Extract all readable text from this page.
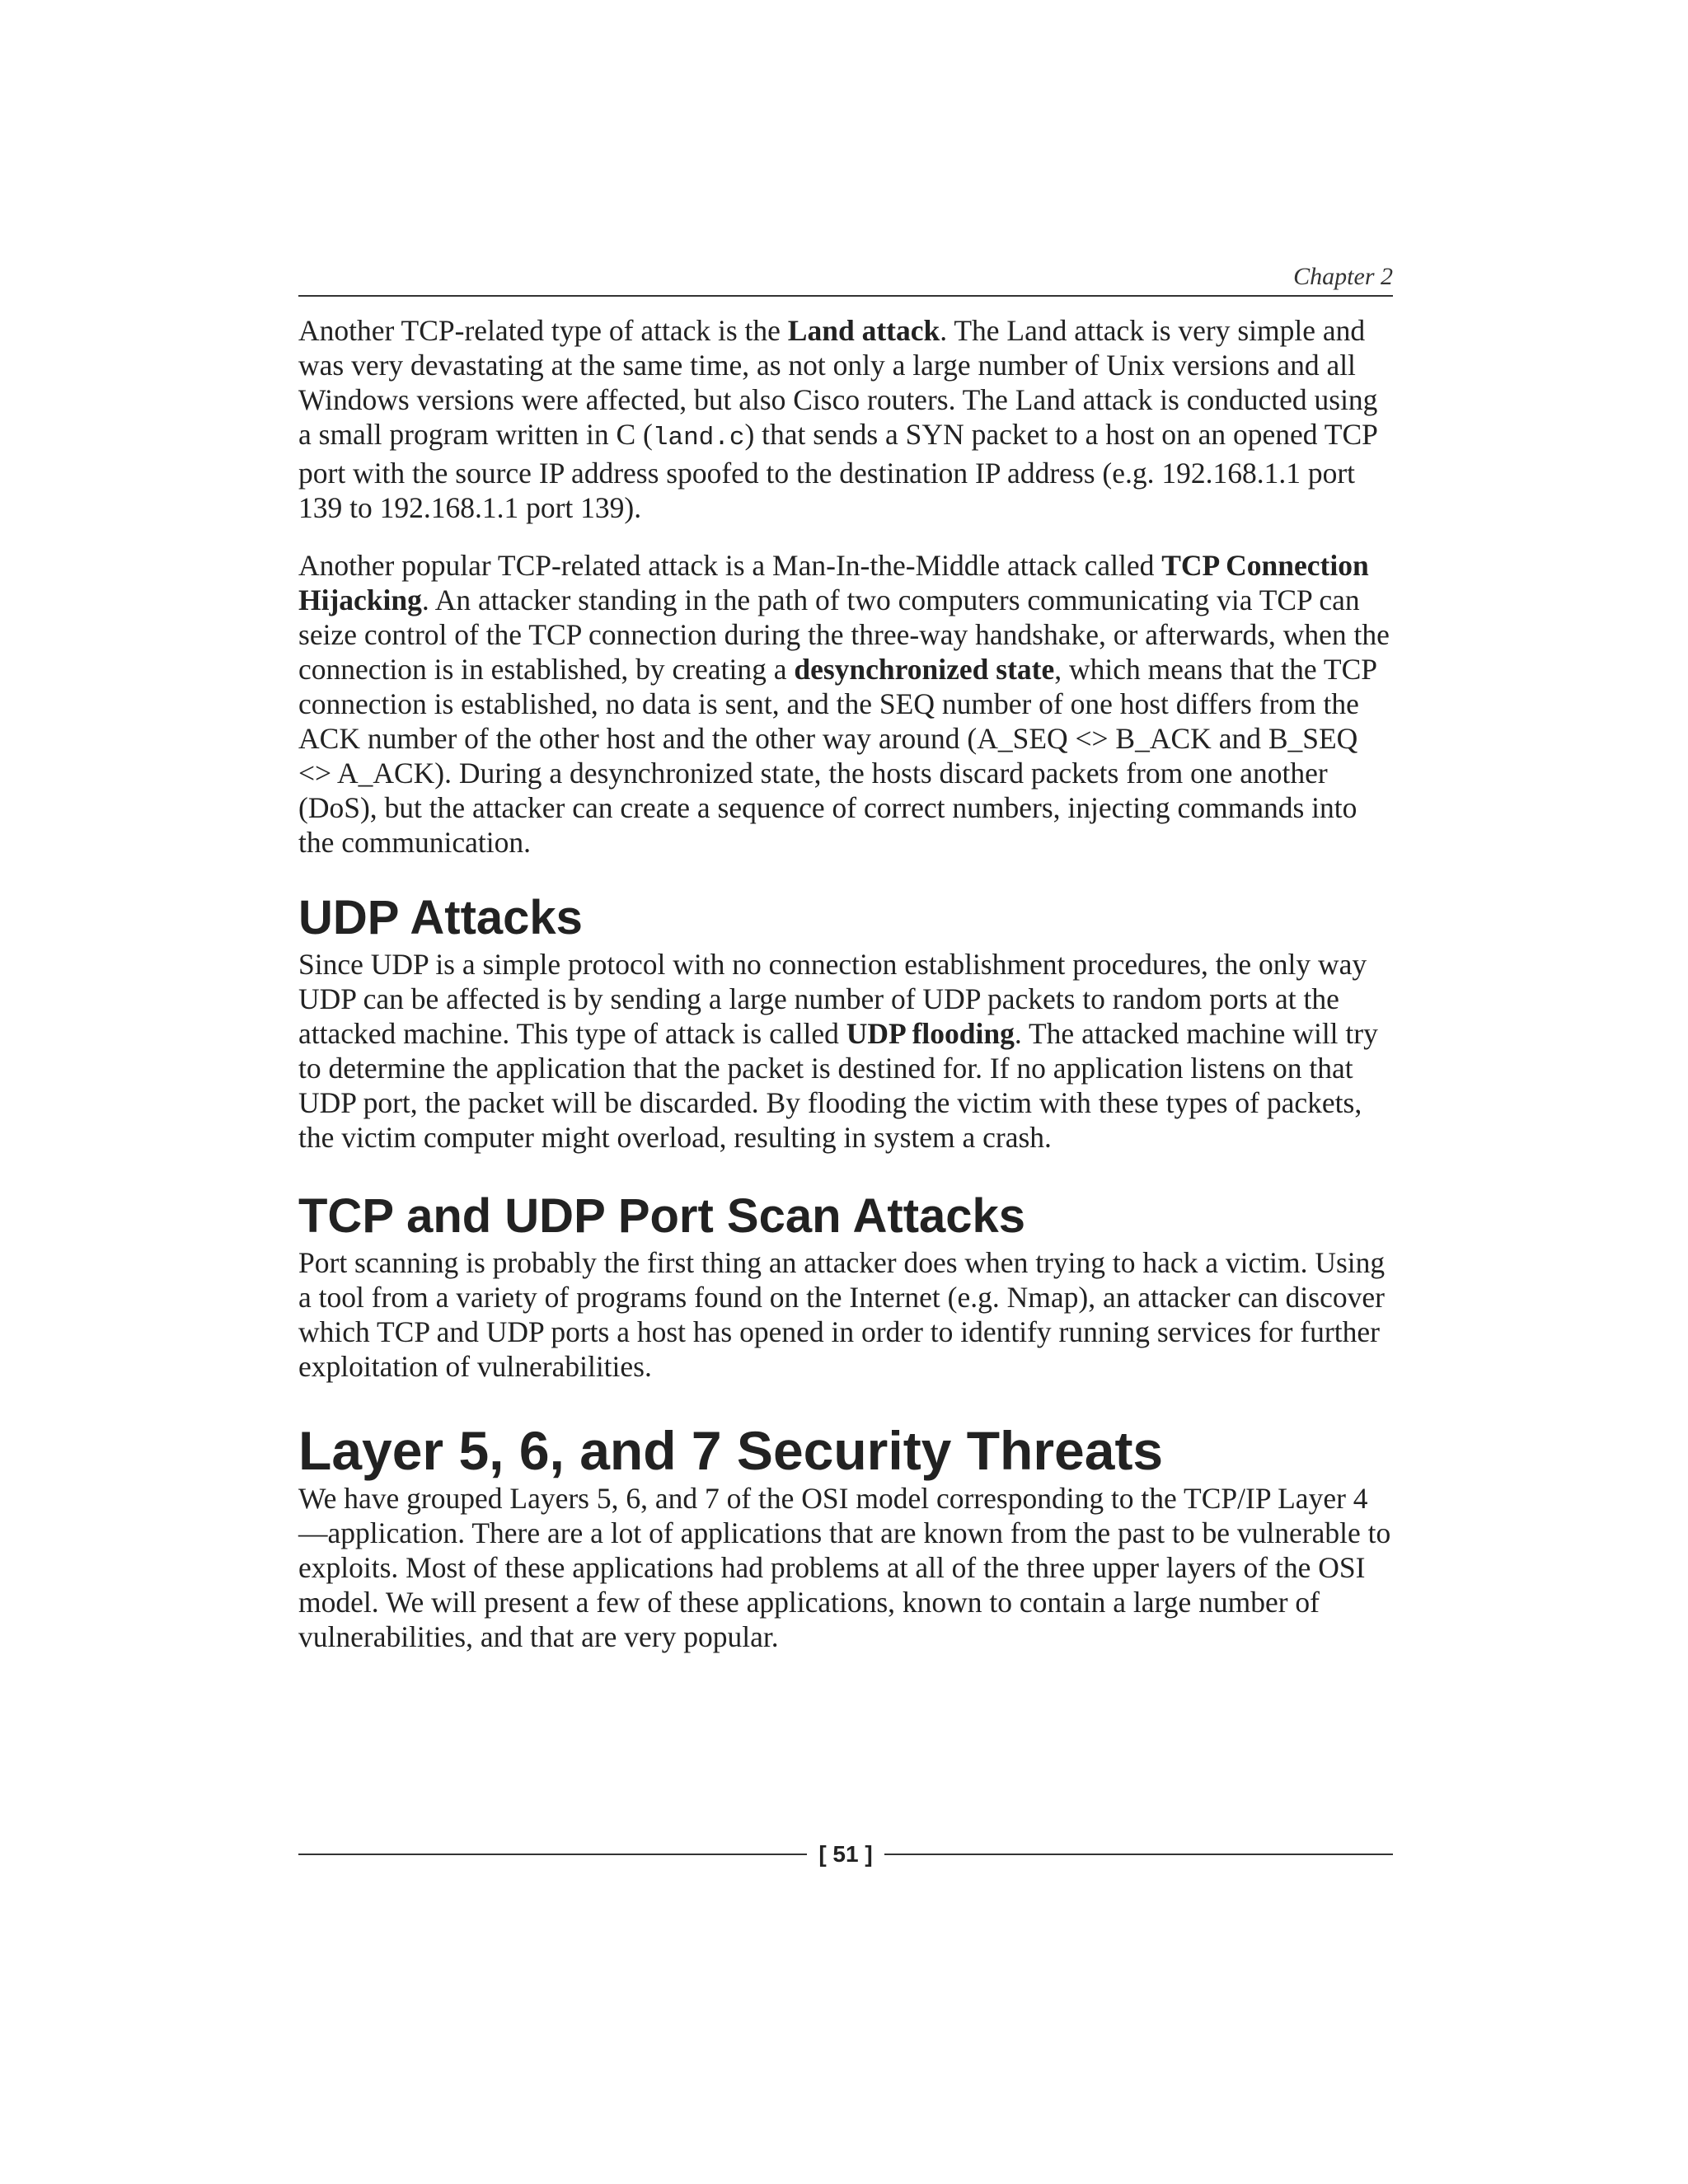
Chapter 2

Another TCP-related type of attack is the Land attack. The Land attack is very simple and was very devastating at the same time, as not only a large number of Unix versions and all Windows versions were affected, but also Cisco routers. The Land attack is conducted using a small program written in C (land.c) that sends a SYN packet to a host on an opened TCP port with the source IP address spoofed to the destination IP address (e.g. 192.168.1.1 port 139 to 192.168.1.1 port 139).

Another popular TCP-related attack is a Man-In-the-Middle attack called TCP Connection Hijacking. An attacker standing in the path of two computers communicating via TCP can seize control of the TCP connection during the three-way handshake, or afterwards, when the connection is in established, by creating a desynchronized state, which means that the TCP connection is established, no data is sent, and the SEQ number of one host differs from the ACK number of the other host and the other way around (A_SEQ <> B_ACK and B_SEQ <> A_ACK). During a desynchronized state, the hosts discard packets from one another (DoS), but the attacker can create a sequence of correct numbers, injecting commands into the communication.

UDP Attacks

Since UDP is a simple protocol with no connection establishment procedures, the only way UDP can be affected is by sending a large number of UDP packets to random ports at the attacked machine. This type of attack is called UDP flooding. The attacked machine will try to determine the application that the packet is destined for. If no application listens on that UDP port, the packet will be discarded. By flooding the victim with these types of packets, the victim computer might overload, resulting in system a crash.

TCP and UDP Port Scan Attacks

Port scanning is probably the first thing an attacker does when trying to hack a victim. Using a tool from a variety of programs found on the Internet (e.g. Nmap), an attacker can discover which TCP and UDP ports a host has opened in order to identify running services for further exploitation of vulnerabilities.

Layer 5, 6, and 7 Security Threats

We have grouped Layers 5, 6, and 7 of the OSI model corresponding to the TCP/IP Layer 4—application. There are a lot of applications that are known from the past to be vulnerable to exploits. Most of these applications had problems at all of the three upper layers of the OSI model. We will present a few of these applications, known to contain a large number of vulnerabilities, and that are very popular.

[ 51 ]
